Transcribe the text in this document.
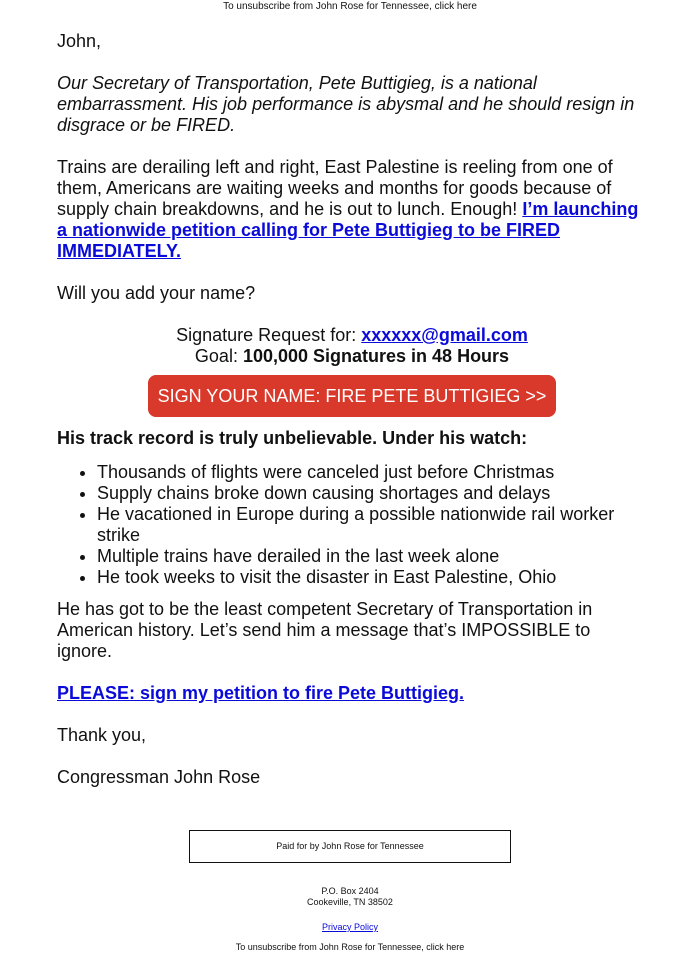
To unsubscribe from John Rose for Tennessee, click here

John,

Our Secretary of Transportation, Pete Buttigieg, is a national embarrassment. His job performance is abysmal and he should resign in disgrace or be FIRED.

Trains are derailing left and right, East Palestine is reeling from one of them, Americans are waiting weeks and months for goods because of supply chain breakdowns, and he is out to lunch. Enough! I’m launching a nationwide petition calling for Pete Buttigieg to be FIRED IMMEDIATELY.

Will you add your name?

Signature Request for: xxxxxx@gmail.com
Goal: 100,000 Signatures in 48 Hours
SIGN YOUR NAME: FIRE PETE BUTTIGIEG >>
His track record is truly unbelievable. Under his watch:
• Thousands of flights were canceled just before Christmas
• Supply chains broke down causing shortages and delays
• He vacationed in Europe during a possible nationwide rail worker strike
• Multiple trains have derailed in the last week alone
• He took weeks to visit the disaster in East Palestine, Ohio

He has got to be the least competent Secretary of Transportation in American history. Let’s send him a message that’s IMPOSSIBLE to ignore.

PLEASE: sign my petition to fire Pete Buttigieg.

Thank you,

Congressman John Rose

Paid for by John Rose for Tennessee
P.O. Box 2404
Cookeville, TN 38502
Privacy Policy
To unsubscribe from John Rose for Tennessee, click here
